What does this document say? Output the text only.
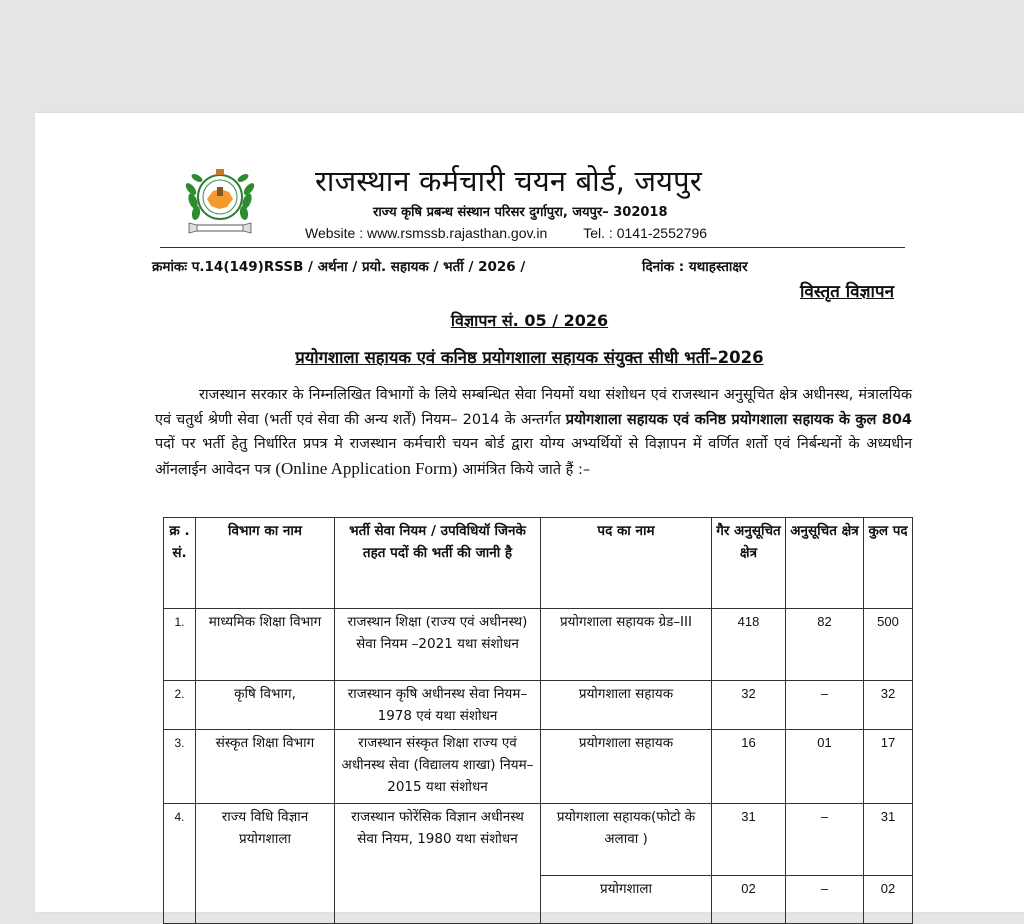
राजस्थान कर्मचारी चयन बोर्ड, जयपुर
राज्य कृषि प्रबन्ध संस्थान परिसर दुर्गापुरा, जयपुर– 302018
Website : www.rsmssb.rajasthan.gov.in	Tel. : 0141-2552796
क्रमांकः प.14(149)RSSB / अर्थना / प्रयो. सहायक / भर्ती / 2026 /	दिनांक : यथाहस्ताक्षर
विस्तृत विज्ञापन
विज्ञापन सं. 05 / 2026
प्रयोगशाला सहायक एवं कनिष्ठ प्रयोगशाला सहायक संयुक्त सीधी भर्ती–2026
राजस्थान सरकार के निम्नलिखित विभागों के लिये सम्बन्धित सेवा नियमों यथा संशोधन एवं राजस्थान अनुसूचित क्षेत्र अधीनस्थ, मंत्रालयिक एवं चतुर्थ श्रेणी सेवा (भर्ती एवं सेवा की अन्य शर्तें) नियम– 2014 के अन्तर्गत प्रयोगशाला सहायक एवं कनिष्ठ प्रयोगशाला सहायक के कुल 804 पदों पर भर्ती हेतु निर्धारित प्रपत्र मे राजस्थान कर्मचारी चयन बोर्ड द्वारा योग्य अभ्यर्थियों से विज्ञापन में वर्णित शर्तो एवं निर्बन्धनों के अध्यधीन ऑनलाईन आवेदन पत्र (Online Application Form) आमंत्रित किये जाते हैं :–
क्र . सं.	विभाग का नाम	भर्ती सेवा नियम / उपविधियॉ जिनके तहत पदों की भर्ती की जानी है	पद का नाम	गैर अनुसूचित क्षेत्र	अनुसूचित क्षेत्र	कुल पद
1.	माध्यमिक शिक्षा विभाग	राजस्थान शिक्षा (राज्य एवं अधीनस्थ) सेवा नियम –2021 यथा संशोधन	प्रयोगशाला सहायक ग्रेड–III	418	82	500
2.	कृषि विभाग,	राजस्थान कृषि अधीनस्थ सेवा नियम–1978 एवं यथा संशोधन	प्रयोगशाला सहायक	32	–	32
3.	संस्कृत शिक्षा विभाग	राजस्थान संस्कृत शिक्षा राज्य एवं अधीनस्थ सेवा (विद्यालय शाखा) नियम– 2015 यथा संशोधन	प्रयोगशाला सहायक	16	01	17
4.	राज्य विधि विज्ञान प्रयोगशाला	राजस्थान फोरेंसिक विज्ञान अधीनस्थ सेवा नियम, 1980 यथा संशोधन	प्रयोगशाला सहायक(फोटो के अलावा )	31	–	31
			प्रयोगशाला	02	–	02
